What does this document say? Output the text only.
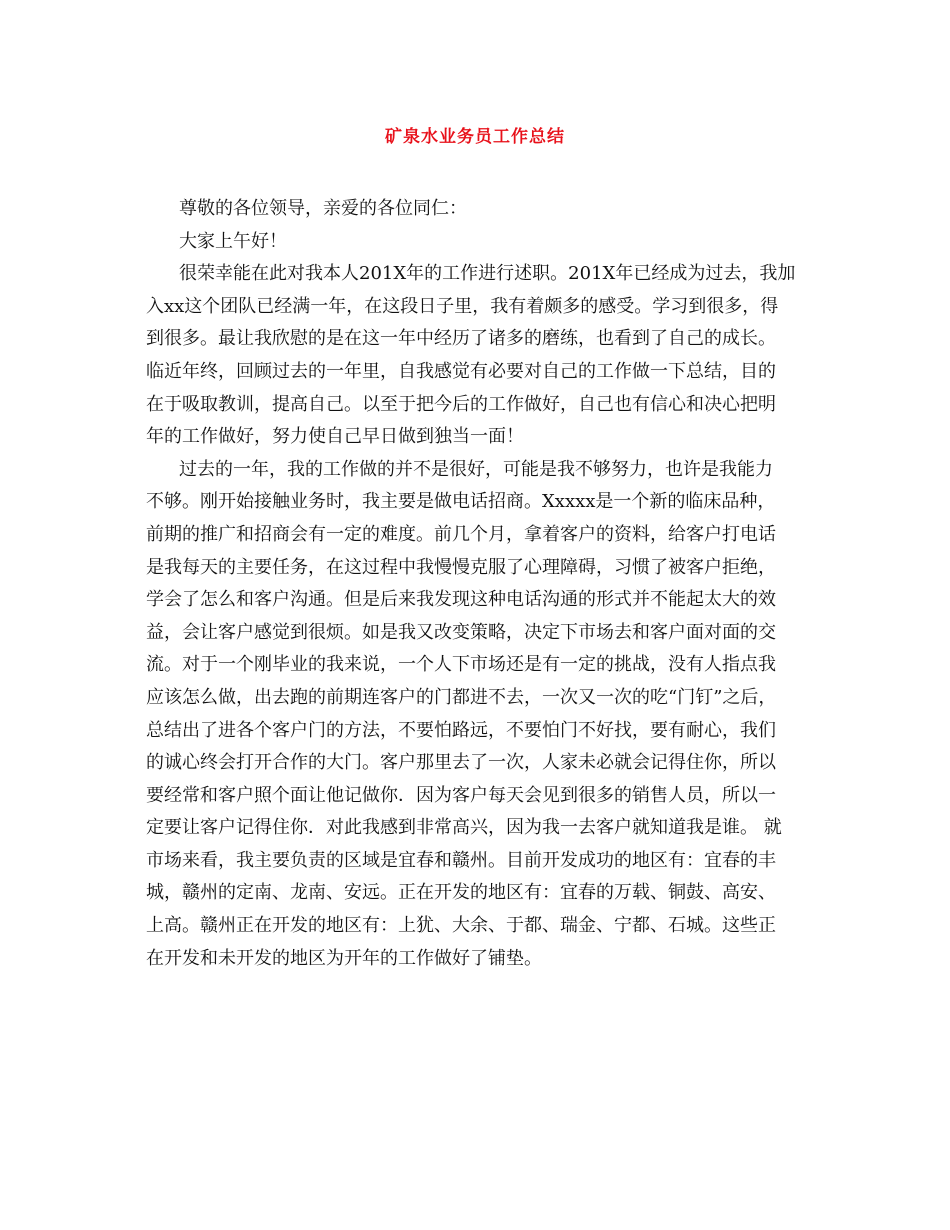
矿泉水业务员工作总结
尊敬的各位领导，亲爱的各位同仁：
大家上午好！
很荣幸能在此对我本人201X年的工作进行述职。201X年已经成为过去，我加
入xx这个团队已经满一年，在这段日子里，我有着颇多的感受。学习到很多，得
到很多。最让我欣慰的是在这一年中经历了诸多的磨练，也看到了自己的成长。
临近年终，回顾过去的一年里，自我感觉有必要对自己的工作做一下总结，目的
在于吸取教训，提高自己。以至于把今后的工作做好，自己也有信心和决心把明
年的工作做好，努力使自己早日做到独当一面！
过去的一年，我的工作做的并不是很好，可能是我不够努力，也许是我能力
不够。刚开始接触业务时，我主要是做电话招商。Xxxxx是一个新的临床品种，
前期的推广和招商会有一定的难度。前几个月，拿着客户的资料，给客户打电话
是我每天的主要任务，在这过程中我慢慢克服了心理障碍，习惯了被客户拒绝，
学会了怎么和客户沟通。但是后来我发现这种电话沟通的形式并不能起太大的效
益，会让客户感觉到很烦。如是我又改变策略，决定下市场去和客户面对面的交
流。对于一个刚毕业的我来说，一个人下市场还是有一定的挑战，没有人指点我
应该怎么做，出去跑的前期连客户的门都进不去，一次又一次的吃“门钉”之后，
总结出了进各个客户门的方法，不要怕路远，不要怕门不好找，要有耐心，我们
的诚心终会打开合作的大门。客户那里去了一次，人家未必就会记得住你，所以
要经常和客户照个面让他记做你．因为客户每天会见到很多的销售人员，所以一
定要让客户记得住你．对此我感到非常高兴，因为我一去客户就知道我是谁。 就
市场来看，我主要负责的区域是宜春和赣州。目前开发成功的地区有：宜春的丰
城，赣州的定南、龙南、安远。正在开发的地区有：宜春的万载、铜鼓、高安、
上高。赣州正在开发的地区有：上犹、大余、于都、瑞金、宁都、石城。这些正
在开发和未开发的地区为开年的工作做好了铺垫。
